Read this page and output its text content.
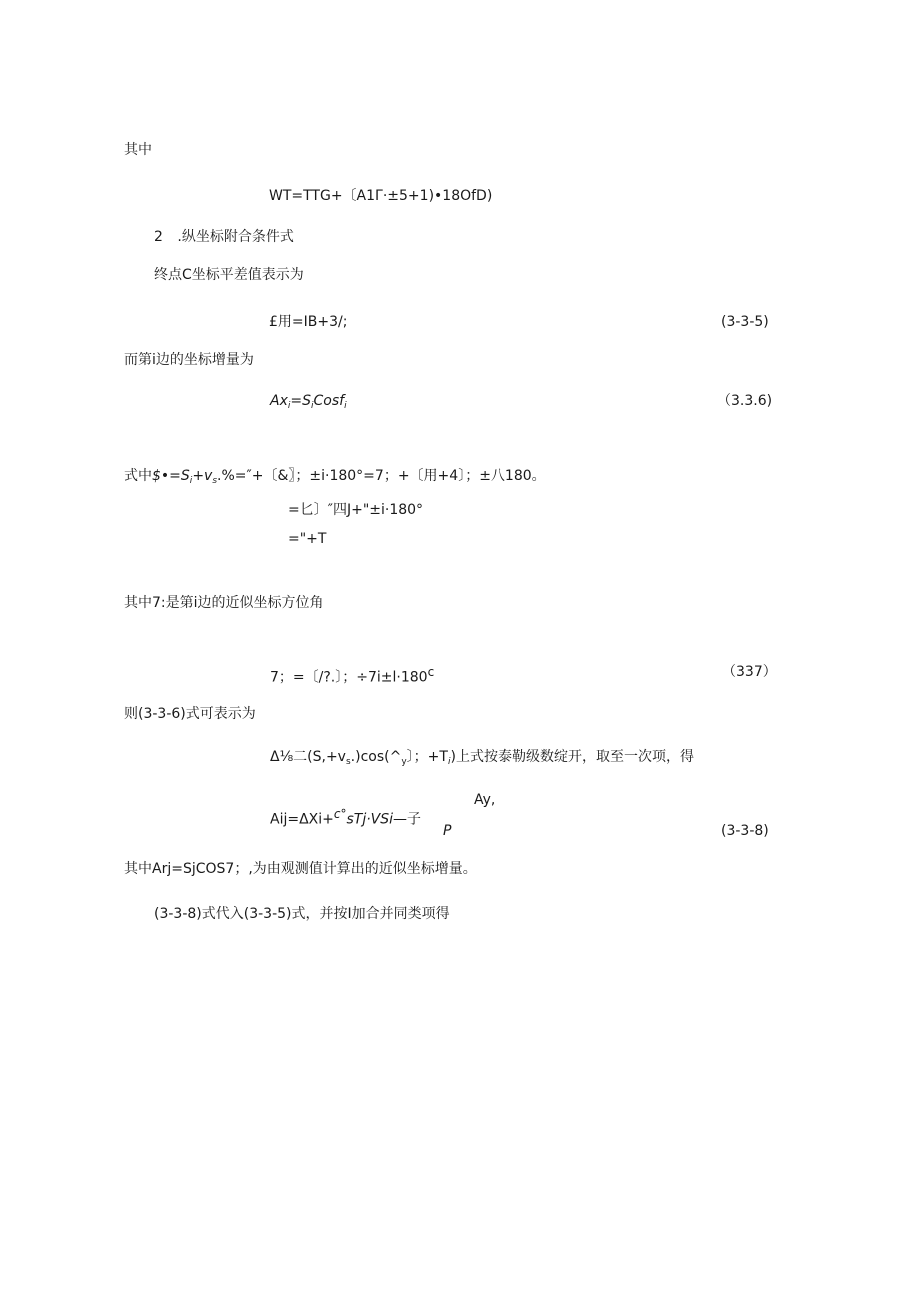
其中
WT=TTG+〔A1Γ·±5+1)•18OfD)
2 .纵坐标附合条件式
终点C坐标平差值表示为
£用=IB+3/;	(3-3-5)
而第i边的坐标增量为
$Ax_i=S_iCosf_i$	（3.3.6)
式中$\$•=S_i+v_s.\%=''+$〔&〗；±i·180°=7；+〔用+4〕；±八180。
=匕〕″四J+"±i·180°
="+T
其中7:是第i边的近似坐标方位角
7；=〔/?.〕；$\div 7i\pm l\cdot 180^c$	（337）
则(3-3-6)式可表示为
Δ⅛二$(S,+v_s.)\cos(\^{}_y$〕；$+T_i$)上式按泰勒级数绽开，取至一次项，得
Ay,
Aij=ΔXi+$^{c^\circ}$sTj·VSi—子
P	(3-3-8)
其中Arj=SjCOS7；,为由观测值计算出的近似坐标增量。
(3-3-8)式代入(3-3-5)式，并按I加合并同类项得
